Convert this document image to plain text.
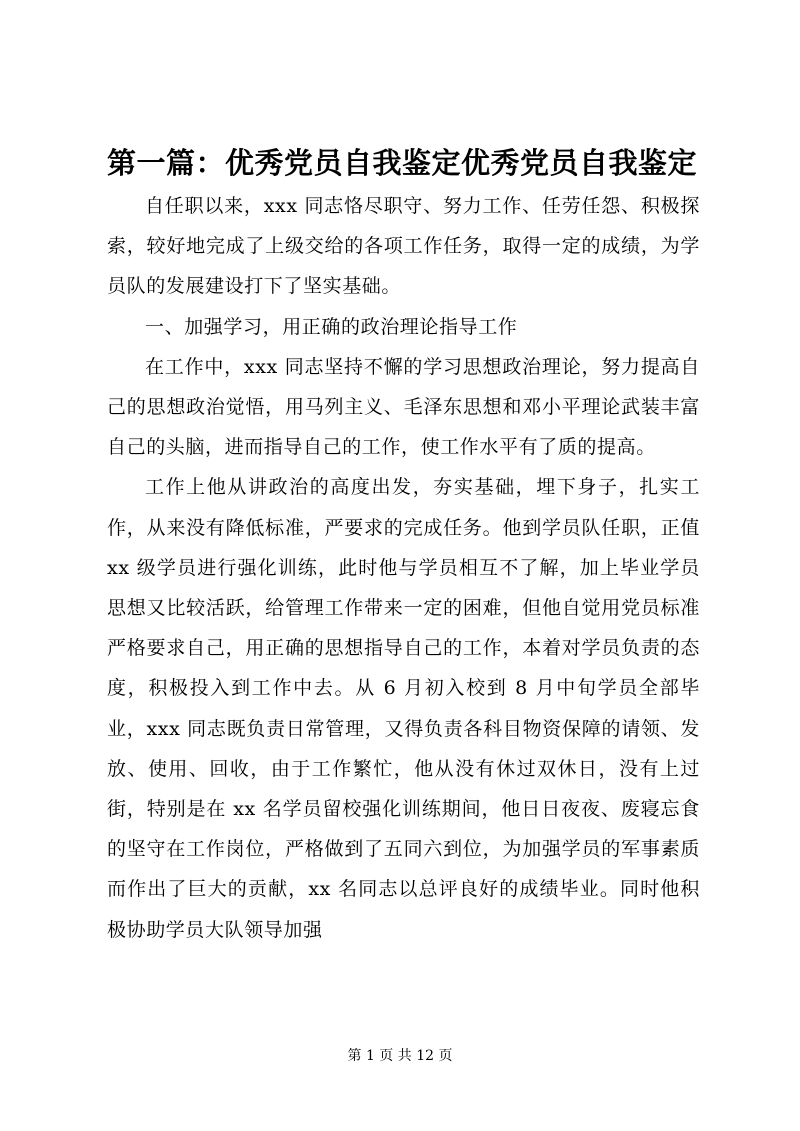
第一篇：优秀党员自我鉴定优秀党员自我鉴定

自任职以来，xxx 同志恪尽职守、努力工作、任劳任怨、积极探索，较好地完成了上级交给的各项工作任务，取得一定的成绩，为学员队的发展建设打下了坚实基础。

一、加强学习，用正确的政治理论指导工作

在工作中，xxx 同志坚持不懈的学习思想政治理论，努力提高自己的思想政治觉悟，用马列主义、毛泽东思想和邓小平理论武装丰富自己的头脑，进而指导自己的工作，使工作水平有了质的提高。

工作上他从讲政治的高度出发，夯实基础，埋下身子，扎实工作，从来没有降低标准，严要求的完成任务。他到学员队任职，正值 xx 级学员进行强化训练，此时他与学员相互不了解，加上毕业学员思想又比较活跃，给管理工作带来一定的困难，但他自觉用党员标准严格要求自己，用正确的思想指导自己的工作，本着对学员负责的态度，积极投入到工作中去。从 6 月初入校到 8 月中旬学员全部毕业，xxx 同志既负责日常管理，又得负责各科目物资保障的请领、发放、使用、回收，由于工作繁忙，他从没有休过双休日，没有上过街，特别是在 xx 名学员留校强化训练期间，他日日夜夜、废寝忘食的坚守在工作岗位，严格做到了五同六到位，为加强学员的军事素质而作出了巨大的贡献，xx 名同志以总评良好的成绩毕业。同时他积极协助学员大队领导加强

第 1 页 共 12 页
